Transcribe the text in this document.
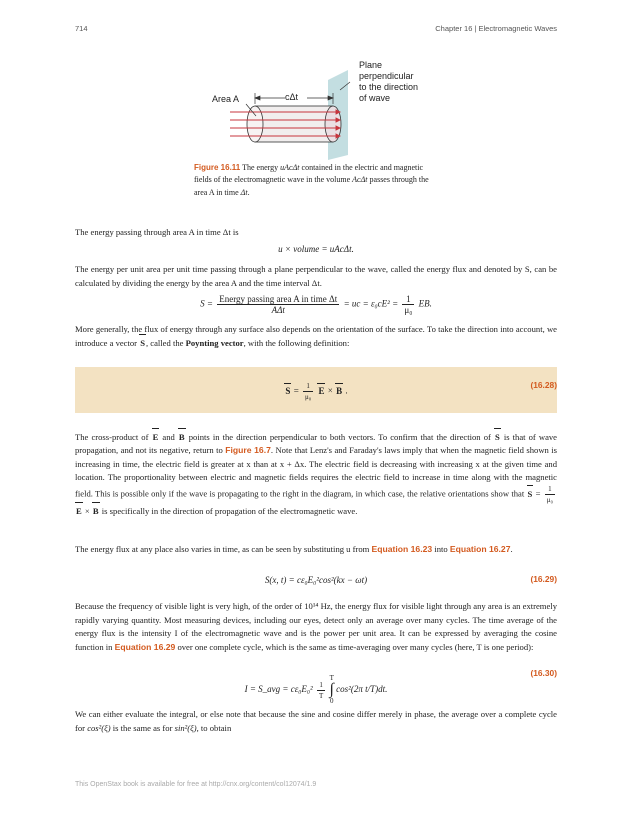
714	Chapter 16 | Electromagnetic Waves
Plane
perpendicular
to the direction
of wave
Area A	cΔt
Figure 16.11 The energy uAcΔt contained in the electric and magnetic fields of the electromagnetic wave in the volume AcΔt passes through the area A in time Δt.
The energy passing through area A in time Δt is
u × volume = uAcΔt.
The energy per unit area per unit time passing through a plane perpendicular to the wave, called the energy flux and denoted by S, can be calculated by dividing the energy by the area A and the time interval Δt.
$S = \frac{\text{Energy passing area A in time Δt}}{\text{AΔt}}$ = uc = $\varepsilon_0cE^2 = \frac{1}{\text{μ₀}}$ EB.
More generally, the flux of energy through any surface also depends on the orientation of the surface. To take the direction into account, we introduce a vector S, called the Poynting vector, with the following definition:
$S = \frac{1}{\text{μ₀}}$ E × B .
(16.28)
The cross-product of E and B points in the direction perpendicular to both vectors. To confirm that the direction of S is that of wave propagation, and not its negative, return to Figure 16.7. Note that Lenz's and Faraday's laws imply that when the magnetic field shown is increasing in time, the electric field is greater at x than at x + Δx. The electric field is decreasing with increasing x at the given time and location. The proportionality between electric and magnetic fields requires the electric field to increase in time along with the magnetic field. This is possible only if the wave is propagating to the right in the diagram, in which case, the relative orientations show that $S = \frac{1}{\text{μ₀}}$
E × B is specifically in the direction of propagation of the electromagnetic wave.
The energy flux at any place also varies in time, as can be seen by substituting u from Equation 16.23 into Equation 16.27.
S(x, t) = cε₀E₀²cos²(kx − ωt)	(16.29)
Because the frequency of visible light is very high, of the order of 10¹⁴ Hz, the energy flux for visible light through any area is an extremely rapidly varying quantity. Most measuring devices, including our eyes, detect only an average over many cycles. The time average of the energy flux is the intensity I of the electromagnetic wave and is the power per unit area. It can be expressed by averaging the cosine function in Equation 16.29 over one complete cycle, which is the same as time-averaging over many cycles (here, T is one period):
I = S_avg = $c\varepsilon_0E_0^2 \frac{1}{T}$

T
∫
0
cos²(2π t/T)dt.
(16.30)
We can either evaluate the integral, or else note that because the sine and cosine differ merely in phase, the average over a complete cycle for cos²(ξ) is the same as for sin²(ξ), to obtain
This OpenStax book is available for free at http://cnx.org/content/col12074/1.9
